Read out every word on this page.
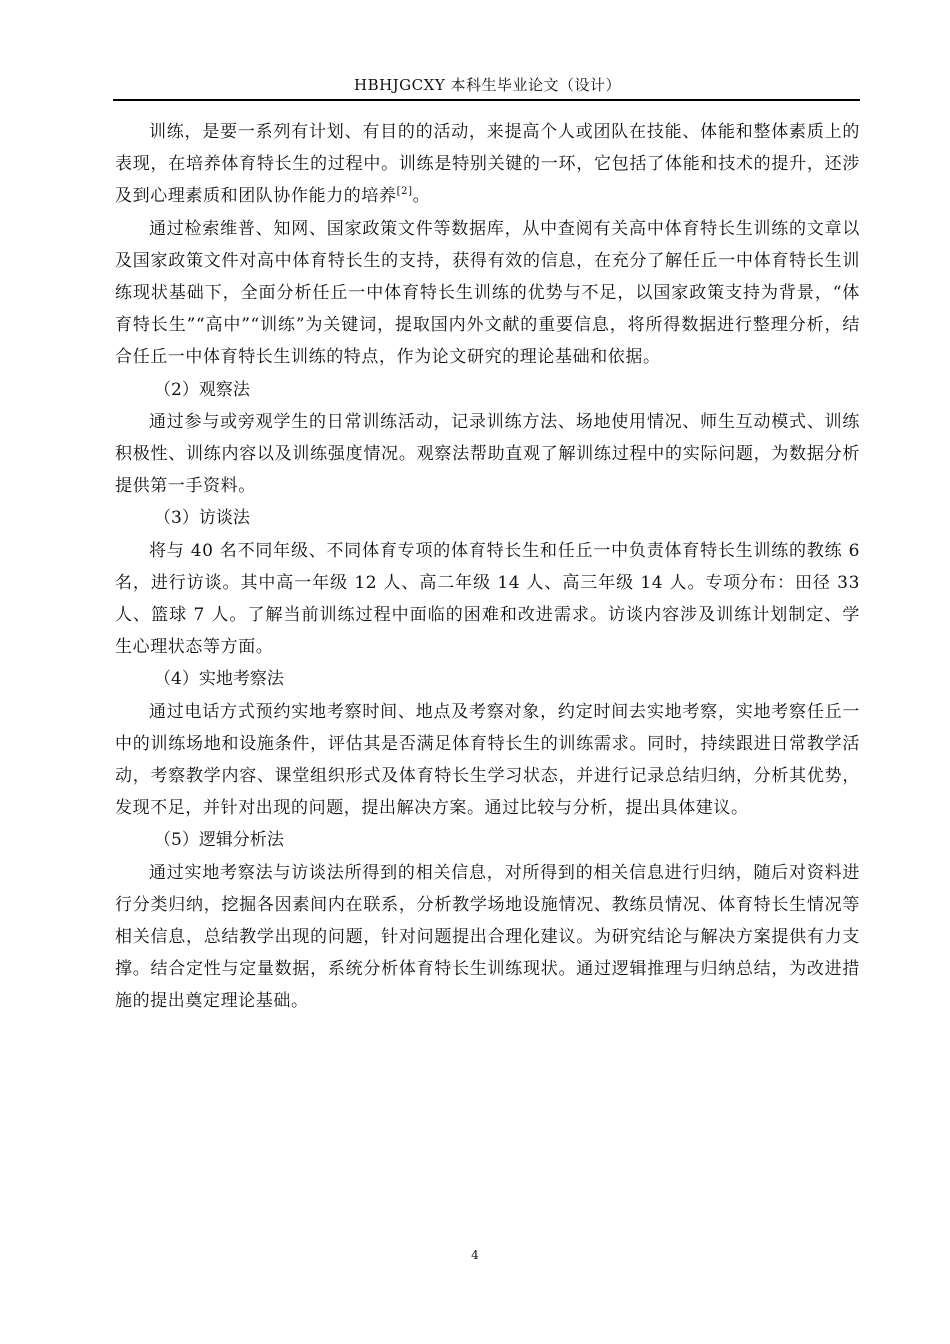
HBHJGCXY 本科生毕业论文（设计）

训练，是要一系列有计划、有目的的活动，来提高个人或团队在技能、体能和整体素质上的表现，在培养体育特长生的过程中。训练是特别关键的一环，它包括了体能和技术的提升，还涉及到心理素质和团队协作能力的培养[2]。

通过检索维普、知网、国家政策文件等数据库，从中查阅有关高中体育特长生训练的文章以及国家政策文件对高中体育特长生的支持，获得有效的信息，在充分了解任丘一中体育特长生训练现状基础下，全面分析任丘一中体育特长生训练的优势与不足，以国家政策支持为背景，“体育特长生”“高中”“训练”为关键词，提取国内外文献的重要信息，将所得数据进行整理分析，结合任丘一中体育特长生训练的特点，作为论文研究的理论基础和依据。

（2）观察法

通过参与或旁观学生的日常训练活动，记录训练方法、场地使用情况、师生互动模式、训练积极性、训练内容以及训练强度情况。观察法帮助直观了解训练过程中的实际问题，为数据分析提供第一手资料。

（3）访谈法

将与 40 名不同年级、不同体育专项的体育特长生和任丘一中负责体育特长生训练的教练 6 名，进行访谈。其中高一年级 12 人、高二年级 14 人、高三年级 14 人。专项分布：田径 33 人、篮球 7 人。了解当前训练过程中面临的困难和改进需求。访谈内容涉及训练计划制定、学生心理状态等方面。

（4）实地考察法

通过电话方式预约实地考察时间、地点及考察对象，约定时间去实地考察，实地考察任丘一中的训练场地和设施条件，评估其是否满足体育特长生的训练需求。同时，持续跟进日常教学活动，考察教学内容、课堂组织形式及体育特长生学习状态，并进行记录总结归纳，分析其优势，发现不足，并针对出现的问题，提出解决方案。通过比较与分析，提出具体建议。

（5）逻辑分析法

通过实地考察法与访谈法所得到的相关信息，对所得到的相关信息进行归纳，随后对资料进行分类归纳，挖掘各因素间内在联系，分析教学场地设施情况、教练员情况、体育特长生情况等相关信息，总结教学出现的问题，针对问题提出合理化建议。为研究结论与解决方案提供有力支撑。结合定性与定量数据，系统分析体育特长生训练现状。通过逻辑推理与归纳总结，为改进措施的提出奠定理论基础。

4
